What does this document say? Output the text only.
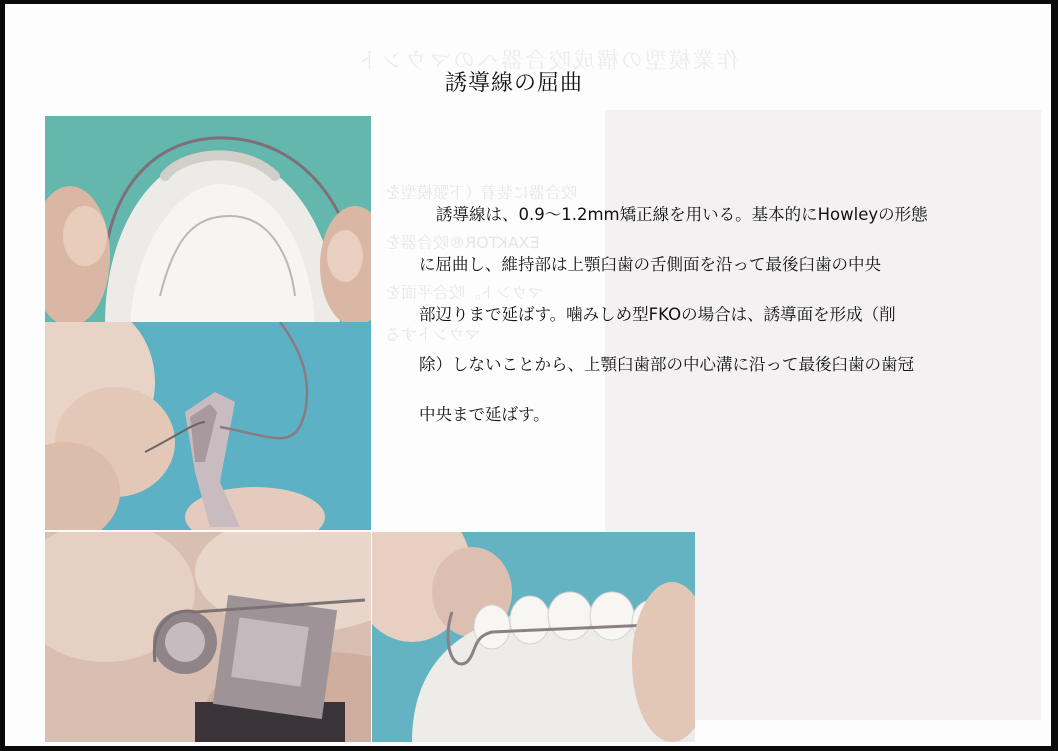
作業模型の構成咬合器へのマウント
咬合器に装着（下顎模型を
EXAKTOR®咬合器を
マウント。咬合平面を
マウントする
誘導線の屈曲

誘導線は、0.9～1.2mm矯正線を用いる。基本的にHowleyの形態
に屈曲し、維持部は上顎臼歯の舌側面を沿って最後臼歯の中央
部辺りまで延ばす。噛みしめ型FKOの場合は、誘導面を形成（削
除）しないことから、上顎臼歯部の中心溝に沿って最後臼歯の歯冠
中央まで延ばす。
